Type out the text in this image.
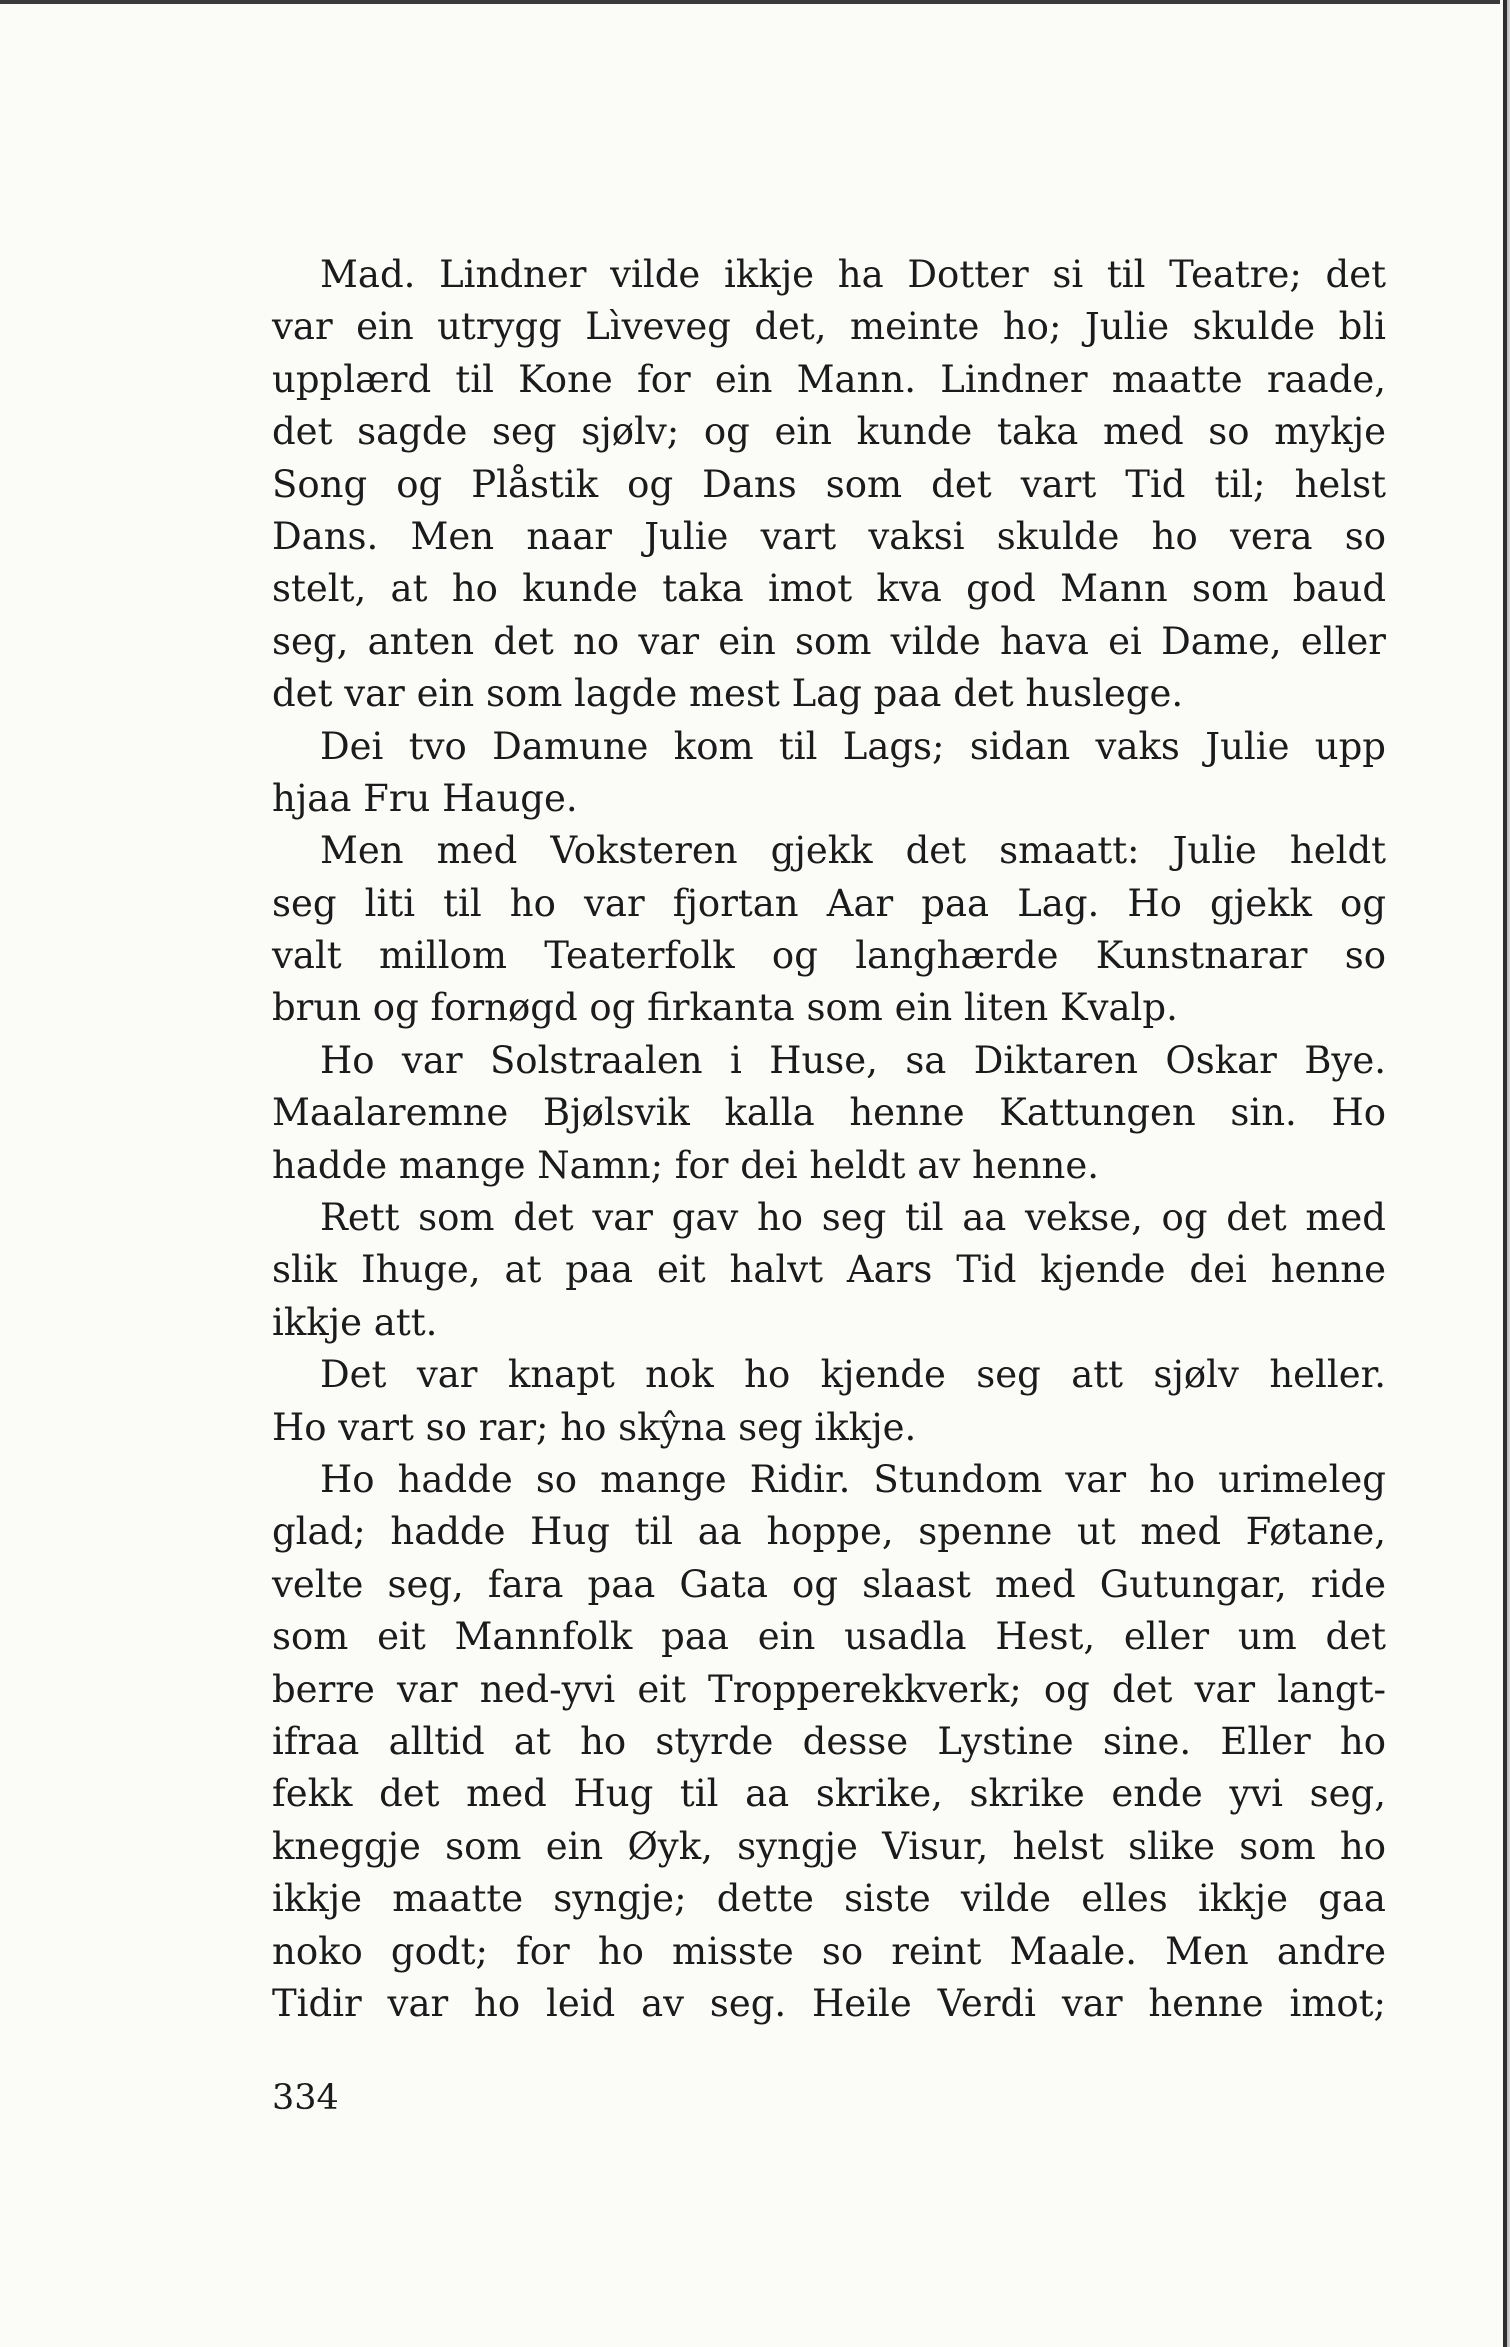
Mad. Lindner vilde ikkje ha Dotter si til Teatre; det
var ein utrygg Lìveveg det, meinte ho; Julie skulde bli
upplærd til Kone for ein Mann. Lindner maatte raade,
det sagde seg sjølv; og ein kunde taka med so mykje
Song og Plåstik og Dans som det vart Tid til; helst
Dans. Men naar Julie vart vaksi skulde ho vera so
stelt, at ho kunde taka imot kva god Mann som baud
seg, anten det no var ein som vilde hava ei Dame, eller
det var ein som lagde mest Lag paa det huslege.
Dei tvo Damune kom til Lags; sidan vaks Julie upp
hjaa Fru Hauge.
Men med Voksteren gjekk det smaatt: Julie heldt
seg liti til ho var fjortan Aar paa Lag. Ho gjekk og
valt millom Teaterfolk og langhærde Kunstnarar so
brun og fornøgd og firkanta som ein liten Kvalp.
Ho var Solstraalen i Huse, sa Diktaren Oskar Bye.
Maalaremne Bjølsvik kalla henne Kattungen sin. Ho
hadde mange Namn; for dei heldt av henne.
Rett som det var gav ho seg til aa vekse, og det med
slik Ihuge, at paa eit halvt Aars Tid kjende dei henne
ikkje att.
Det var knapt nok ho kjende seg att sjølv heller.
Ho vart so rar; ho skŷna seg ikkje.
Ho hadde so mange Ridir. Stundom var ho urimeleg
glad; hadde Hug til aa hoppe, spenne ut med Føtane,
velte seg, fara paa Gata og slaast med Gutungar, ride
som eit Mannfolk paa ein usadla Hest, eller um det
berre var ned-yvi eit Tropperekkverk; og det var langt-
ifraa alltid at ho styrde desse Lystine sine. Eller ho
fekk det med Hug til aa skrike, skrike ende yvi seg,
kneggje som ein Øyk, syngje Visur, helst slike som ho
ikkje maatte syngje; dette siste vilde elles ikkje gaa
noko godt; for ho misste so reint Maale. Men andre
Tidir var ho leid av seg. Heile Verdi var henne imot;
334
